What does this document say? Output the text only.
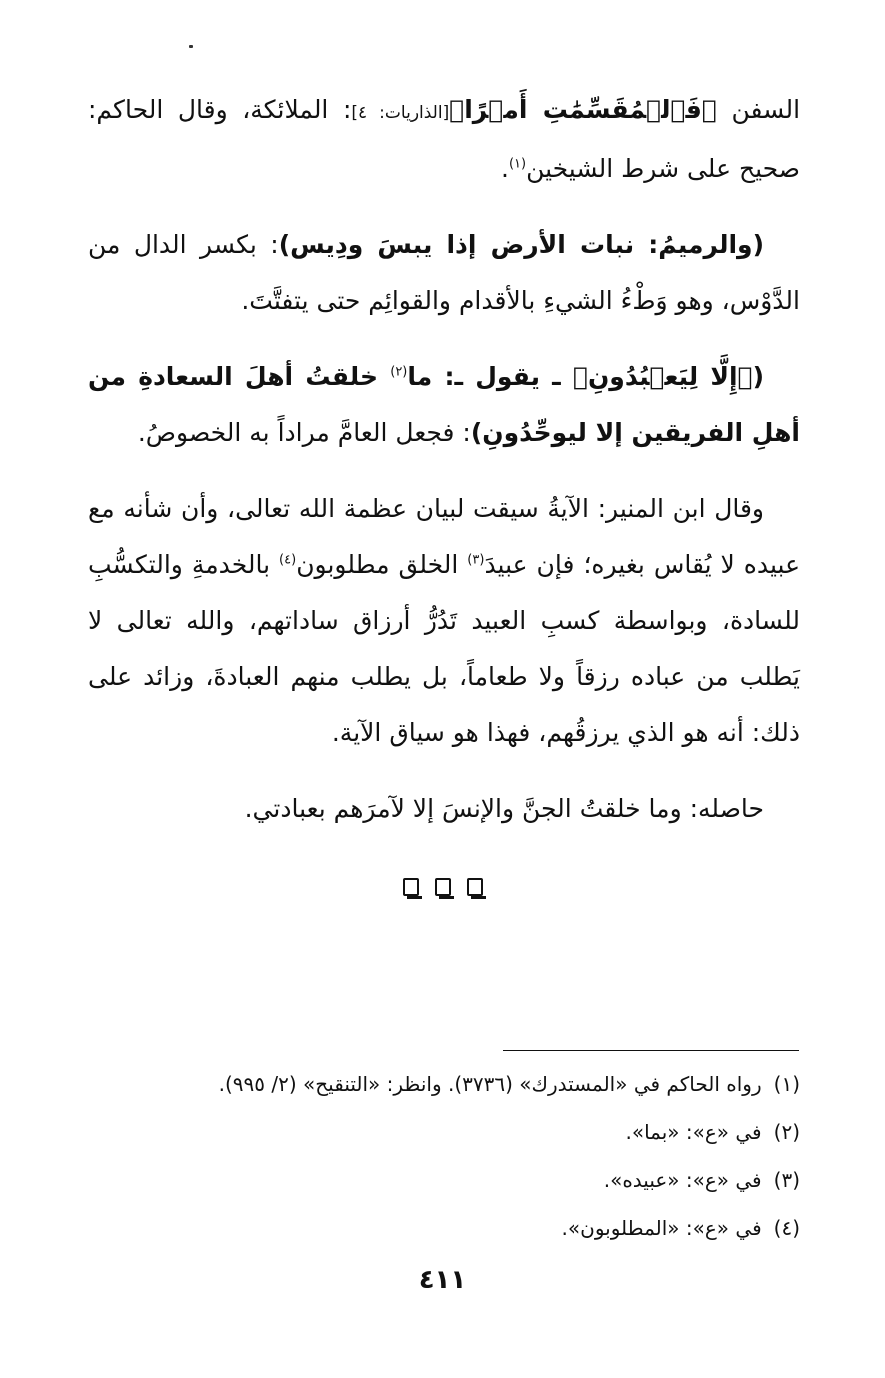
السفن ﴿فَٱلۡمُقَسِّمَٰتِ أَمۡرًا﴾[الذاريات: ٤]: الملائكة، وقال الحاكم: صحيح على شرط الشيخين$^{(١)}$.

(والرميمُ: نبات الأرض إذا يبسَ ودِيس): بكسر الدال من الدَّوْس، وهو وَطْءُ الشيءِ بالأقدام والقوائِم حتى يتفتَّتَ.

(﴿إِلَّا لِيَعۡبُدُونِ﴾ ـ يقول ـ: ما$^{(٢)}$ خلقتُ أهلَ السعادةِ من أهلِ الفريقين إلا ليوحِّدُونِ): فجعل العامَّ مراداً به الخصوصُ.

وقال ابن المنير: الآيةُ سيقت لبيان عظمة الله تعالى، وأن شأنه مع عبيده لا يُقاس بغيره؛ فإن عبيدَ$^{(٣)}$ الخلق مطلوبون$^{(٤)}$ بالخدمةِ والتكسُّبِ للسادة، وبواسطة كسبِ العبيد تَدُرُّ أرزاق ساداتهم، والله تعالى لا يَطلب من عباده رزقاً ولا طعاماً، بل يطلب منهم العبادةَ، وزائد على ذلك: أنه هو الذي يرزقُهم، فهذا هو سياق الآية.

حاصله: وما خلقتُ الجنَّ والإنسَ إلا لآمرَهم بعبادتي.

(١)رواه الحاكم في «المستدرك» (٣٧٣٦). وانظر: «التنقيح» (٢/ ٩٩٥).
(٢)في «ع»: «بما».
(٣)في «ع»: «عبيده».
(٤)في «ع»: «المطلوبون».
٤١١
